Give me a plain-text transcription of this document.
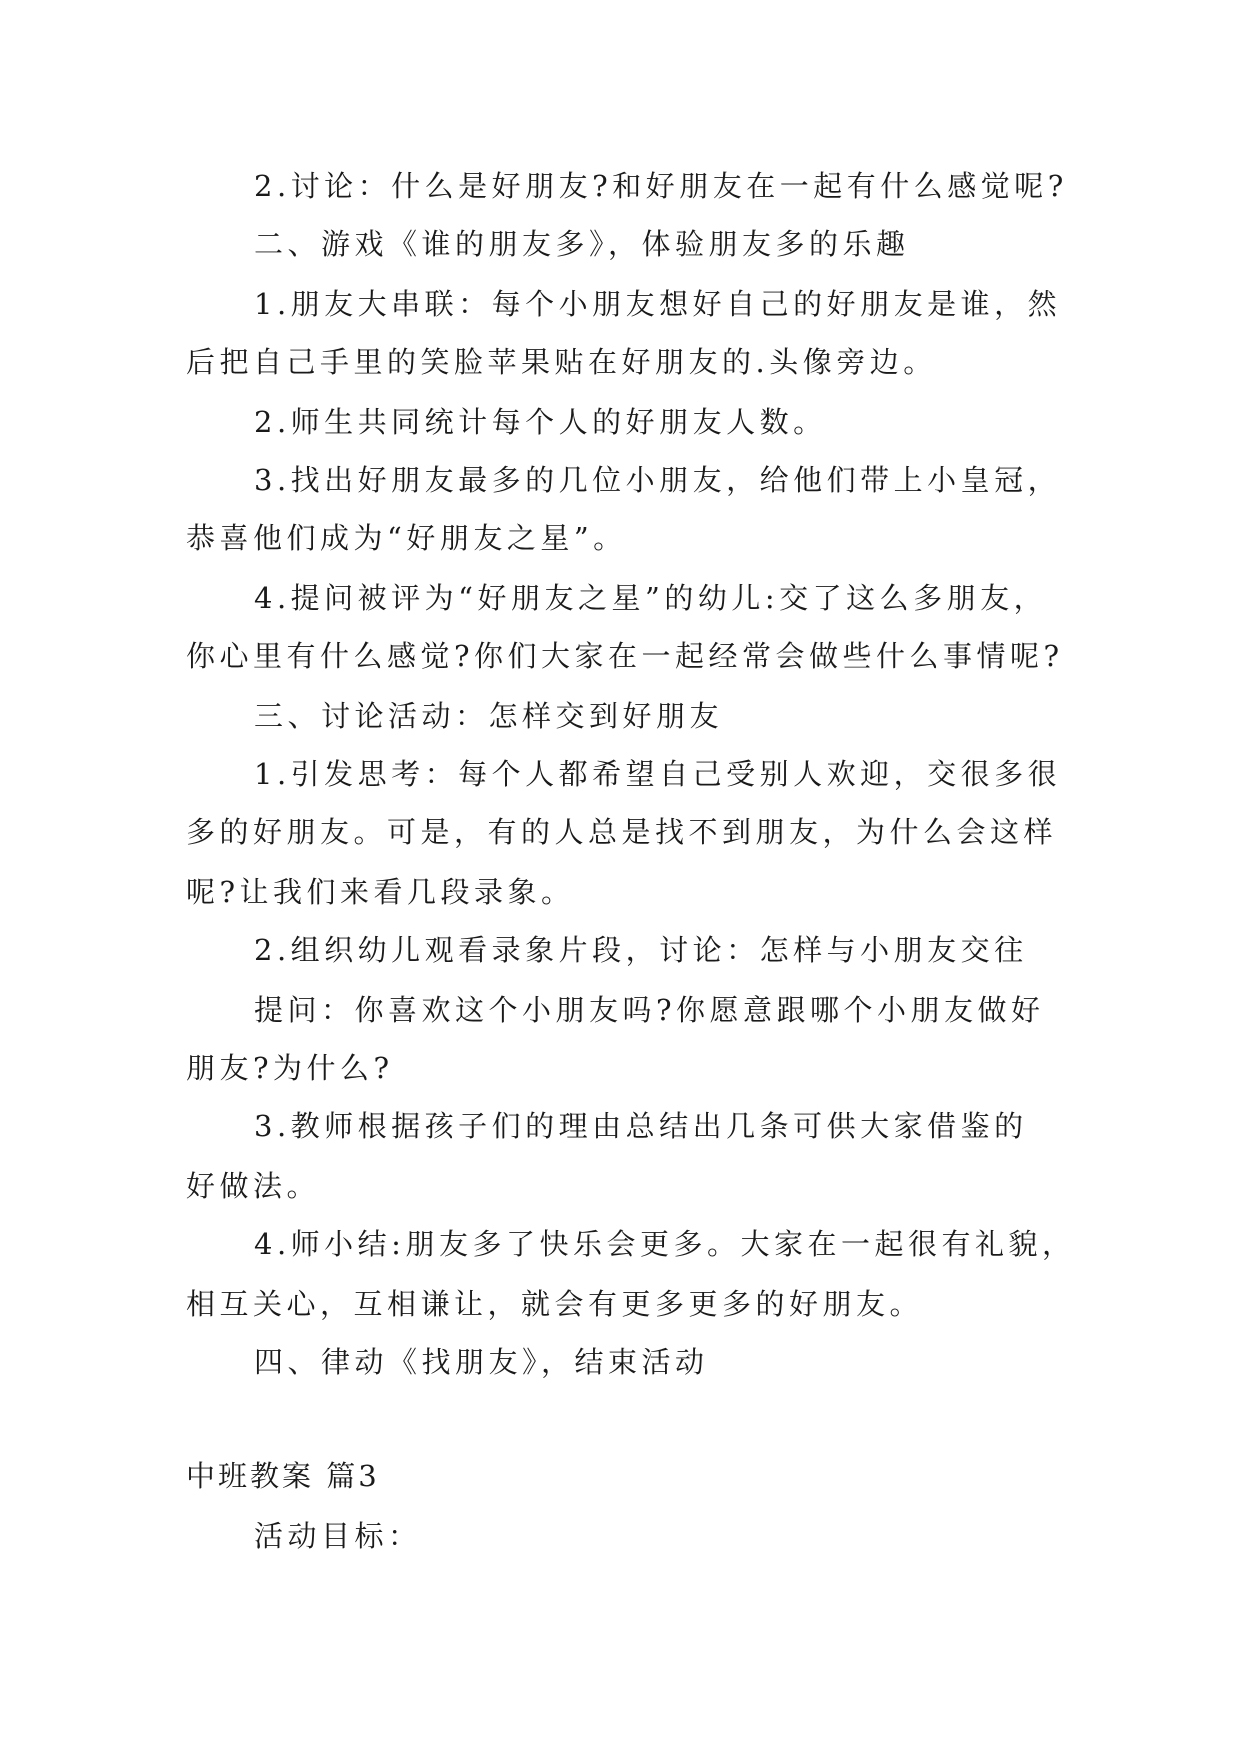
2.讨论：什么是好朋友?和好朋友在一起有什么感觉呢?
二、游戏《谁的朋友多》，体验朋友多的乐趣
1.朋友大串联：每个小朋友想好自己的好朋友是谁，然
后把自己手里的笑脸苹果贴在好朋友的.头像旁边。
2.师生共同统计每个人的好朋友人数。
3.找出好朋友最多的几位小朋友，给他们带上小皇冠，
恭喜他们成为“好朋友之星”。
4.提问被评为“好朋友之星”的幼儿:交了这么多朋友，
你心里有什么感觉?你们大家在一起经常会做些什么事情呢?
三、讨论活动：怎样交到好朋友
1.引发思考：每个人都希望自己受别人欢迎，交很多很
多的好朋友。可是，有的人总是找不到朋友，为什么会这样
呢?让我们来看几段录象。
2.组织幼儿观看录象片段，讨论：怎样与小朋友交往
提问：你喜欢这个小朋友吗?你愿意跟哪个小朋友做好
朋友?为什么?
3.教师根据孩子们的理由总结出几条可供大家借鉴的
好做法。
4.师小结:朋友多了快乐会更多。大家在一起很有礼貌，
相互关心，互相谦让，就会有更多更多的好朋友。
四、律动《找朋友》，结束活动
中班教案 篇3
活动目标：
